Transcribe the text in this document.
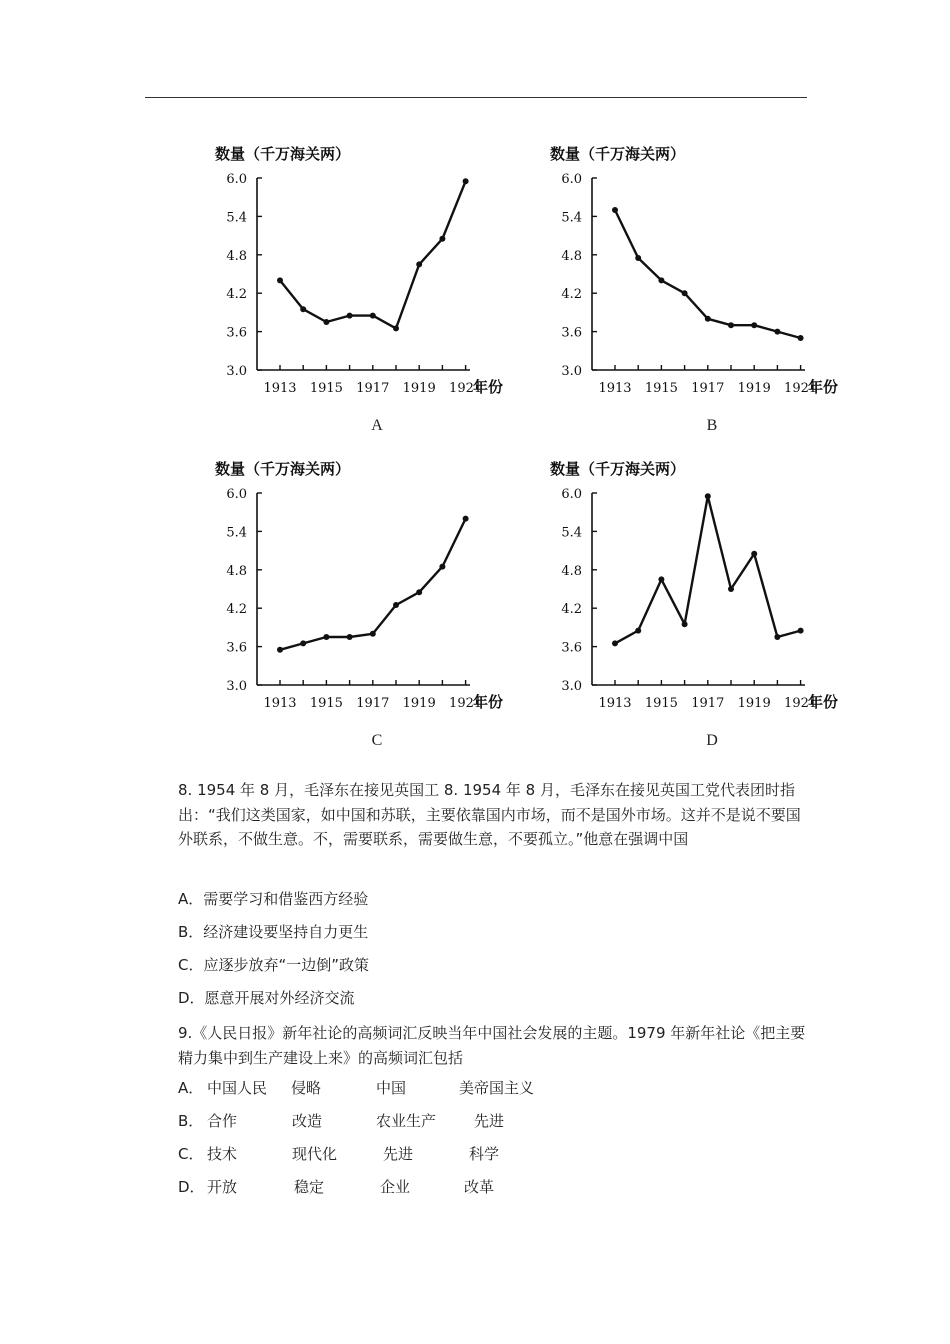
数量（千万海关两）
3.0
3.6
4.2
4.8
5.4
6.0
1913 1915 1917 1919 1921
年份
数量（千万海关两）
3.0
3.6
4.2
4.8
5.4
6.0
1913 1915 1917 1919 1921
年份
数量（千万海关两）
3.0
3.6
4.2
4.8
5.4
6.0
1913 1915 1917 1919 1921
年份
数量（千万海关两）
3.0
3.6
4.2
4.8
5.4
6.0
1913 1915 1917 1919 1921
年份
A	B
C	D
8. 1954 年 8 月，毛泽东在接见英国工 8. 1954 年 8 月，毛泽东在接见英国工党代表团时指出：“我们这类国家，如中国和苏联，主要依靠国内市场，而不是国外市场。这并不是说不要国外联系，不做生意。不，需要联系，需要做生意，不要孤立。”他意在强调中国
A．需要学习和借鉴西方经验
B．经济建设要坚持自力更生
C．应逐步放弃“一边倒”政策
D．愿意开展对外经济交流
9.《人民日报》新年社论的高频词汇反映当年中国社会发展的主题。1979 年新年社论《把主要精力集中到生产建设上来》的高频词汇包括
A． 中国人民 侵略	中国	美帝国主义
B． 合作	改造	农业生产	先进
C． 技术	现代化	先进	科学
D． 开放	稳定	企业	改革
